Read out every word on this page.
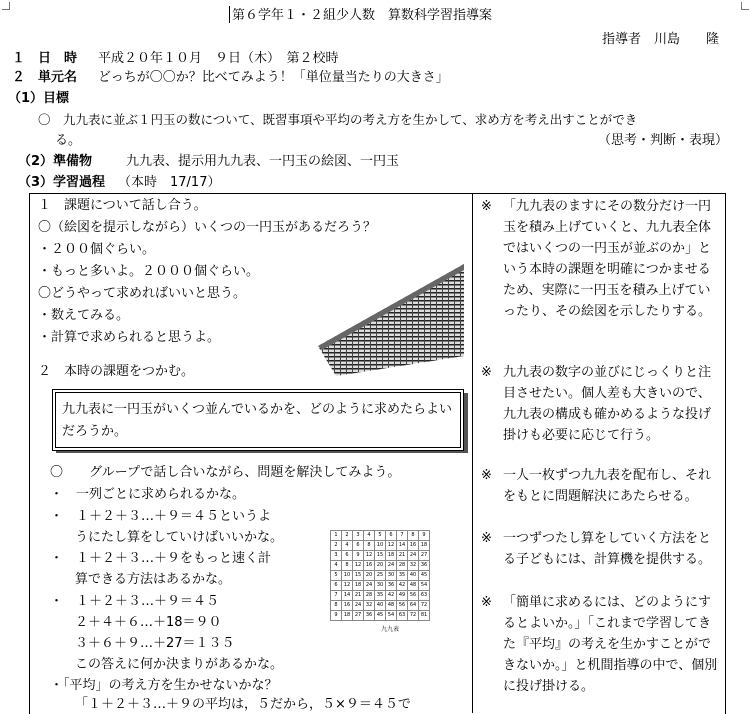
第６学年１・２組少人数　算数科学習指導案
指導者　川島　　隆
１　日　時 平成２０年１０月　９日（木）　第２校時
２　単元名 どっちが〇〇か？比べてみよう！「単位量当たりの大きさ」
（1）目標
〇　九九表に並ぶ１円玉の数について、既習事項や平均の考え方を生かして、求め方を考え出すことができ
る。	（思考・判断・表現）
（2）準備物	九九表、提示用九九表、一円玉の絵図、一円玉
（3）学習過程 （本時　17/17）
１　課題について話し合う。
〇（絵図を提示しながら）いくつの一円玉があるだろう？
・２００個ぐらい。
・もっと多いよ。２０００個ぐらい。
〇どうやって求めればいいと思う。
・数えてみる。
・計算で求められると思うよ。
２　本時の課題をつかむ。
九九表に一円玉がいくつ並んでいるかを、どのように求めたらよいだろうか。
〇　　グループで話し合いながら、問題を解決してみよう。
・　一列ごとに求められるかな。
・　１＋２＋３…＋９＝４５というよ
うにたし算をしていけばいいかな。
・　１＋２＋３…＋９をもっと速く計
算できる方法はあるかな。
・　１＋２＋３…＋９＝４５
２＋４＋６…＋18＝９０
３＋６＋９…＋27＝１３５
この答えに何か決まりがあるかな。
・「平均」の考え方を生かせないかな？
「１＋２＋３…＋９の平均は，５だから，５×９＝４５で
1	2	3	4	5	6	7	8	9
2	4	6	8	10	12	14	16	18
3	6	9	12	15	18	21	24	27
4	8	12	16	20	24	28	32	36
5	10	15	20	25	30	35	40	45
6	12	18	24	30	36	42	48	54
7	14	21	28	35	42	49	56	63
8	16	24	32	40	48	56	64	72
9	18	27	36	45	54	63	72	81
九九表
※ 「九九表のますにその数分だけ一円玉を積み上げていくと、九九表全体ではいくつの一円玉が並ぶのか」という本時の課題を明確につかませるため、実際に一円玉を積み上げていったり、その絵図を示したりする。
※ 九九表の数字の並びにじっくりと注目させたい。個人差も大きいので、九九表の構成も確かめるような投げ掛けも必要に応じて行う。
※ 一人一枚ずつ九九表を配布し、それをもとに問題解決にあたらせる。
※ 一つずつたし算をしていく方法をとる子どもには、計算機を提供する。
※ 「簡単に求めるには、どのようにするとよいか。」「これまで学習してきた『平均』の考えを生かすことができないか。」と机間指導の中で、個別に投げ掛ける。
